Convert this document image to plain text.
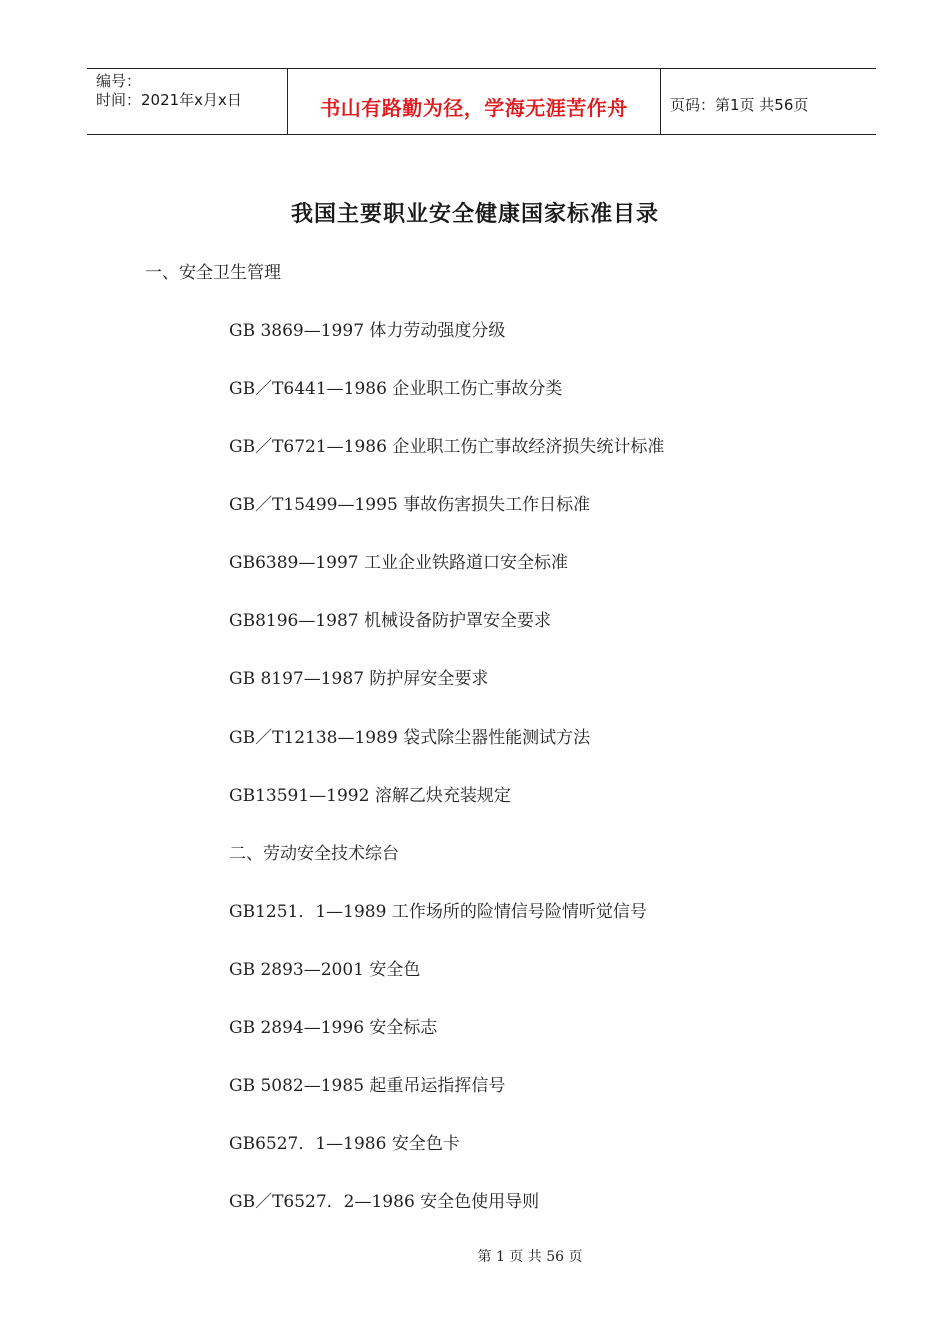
编号：
时间：2021年x月x日	书山有路勤为径，学海无涯苦作舟	页码：第1页 共56页
我国主要职业安全健康国家标准目录
一、安全卫生管理
GB 3869—1997 体力劳动强度分级
GB／T6441—1986 企业职工伤亡事故分类
GB／T6721—1986 企业职工伤亡事故经济损失统计标准
GB／T15499—1995 事故伤害损失工作日标准
GB6389—1997 工业企业铁路道口安全标准
GB8196—1987 机械设备防护罩安全要求
GB 8197—1987 防护屏安全要求
GB／T12138—1989 袋式除尘器性能测试方法
GB13591—1992 溶解乙炔充装规定
二、劳动安全技术综台
GB1251．1—1989 工作场所的险情信号险情听觉信号
GB 2893—2001 安全色
GB 2894—1996 安全标志
GB 5082—1985 起重吊运指挥信号
GB6527．1—1986 安全色卡
GB／T6527．2—1986 安全色使用导则
第 1 页 共 56 页
